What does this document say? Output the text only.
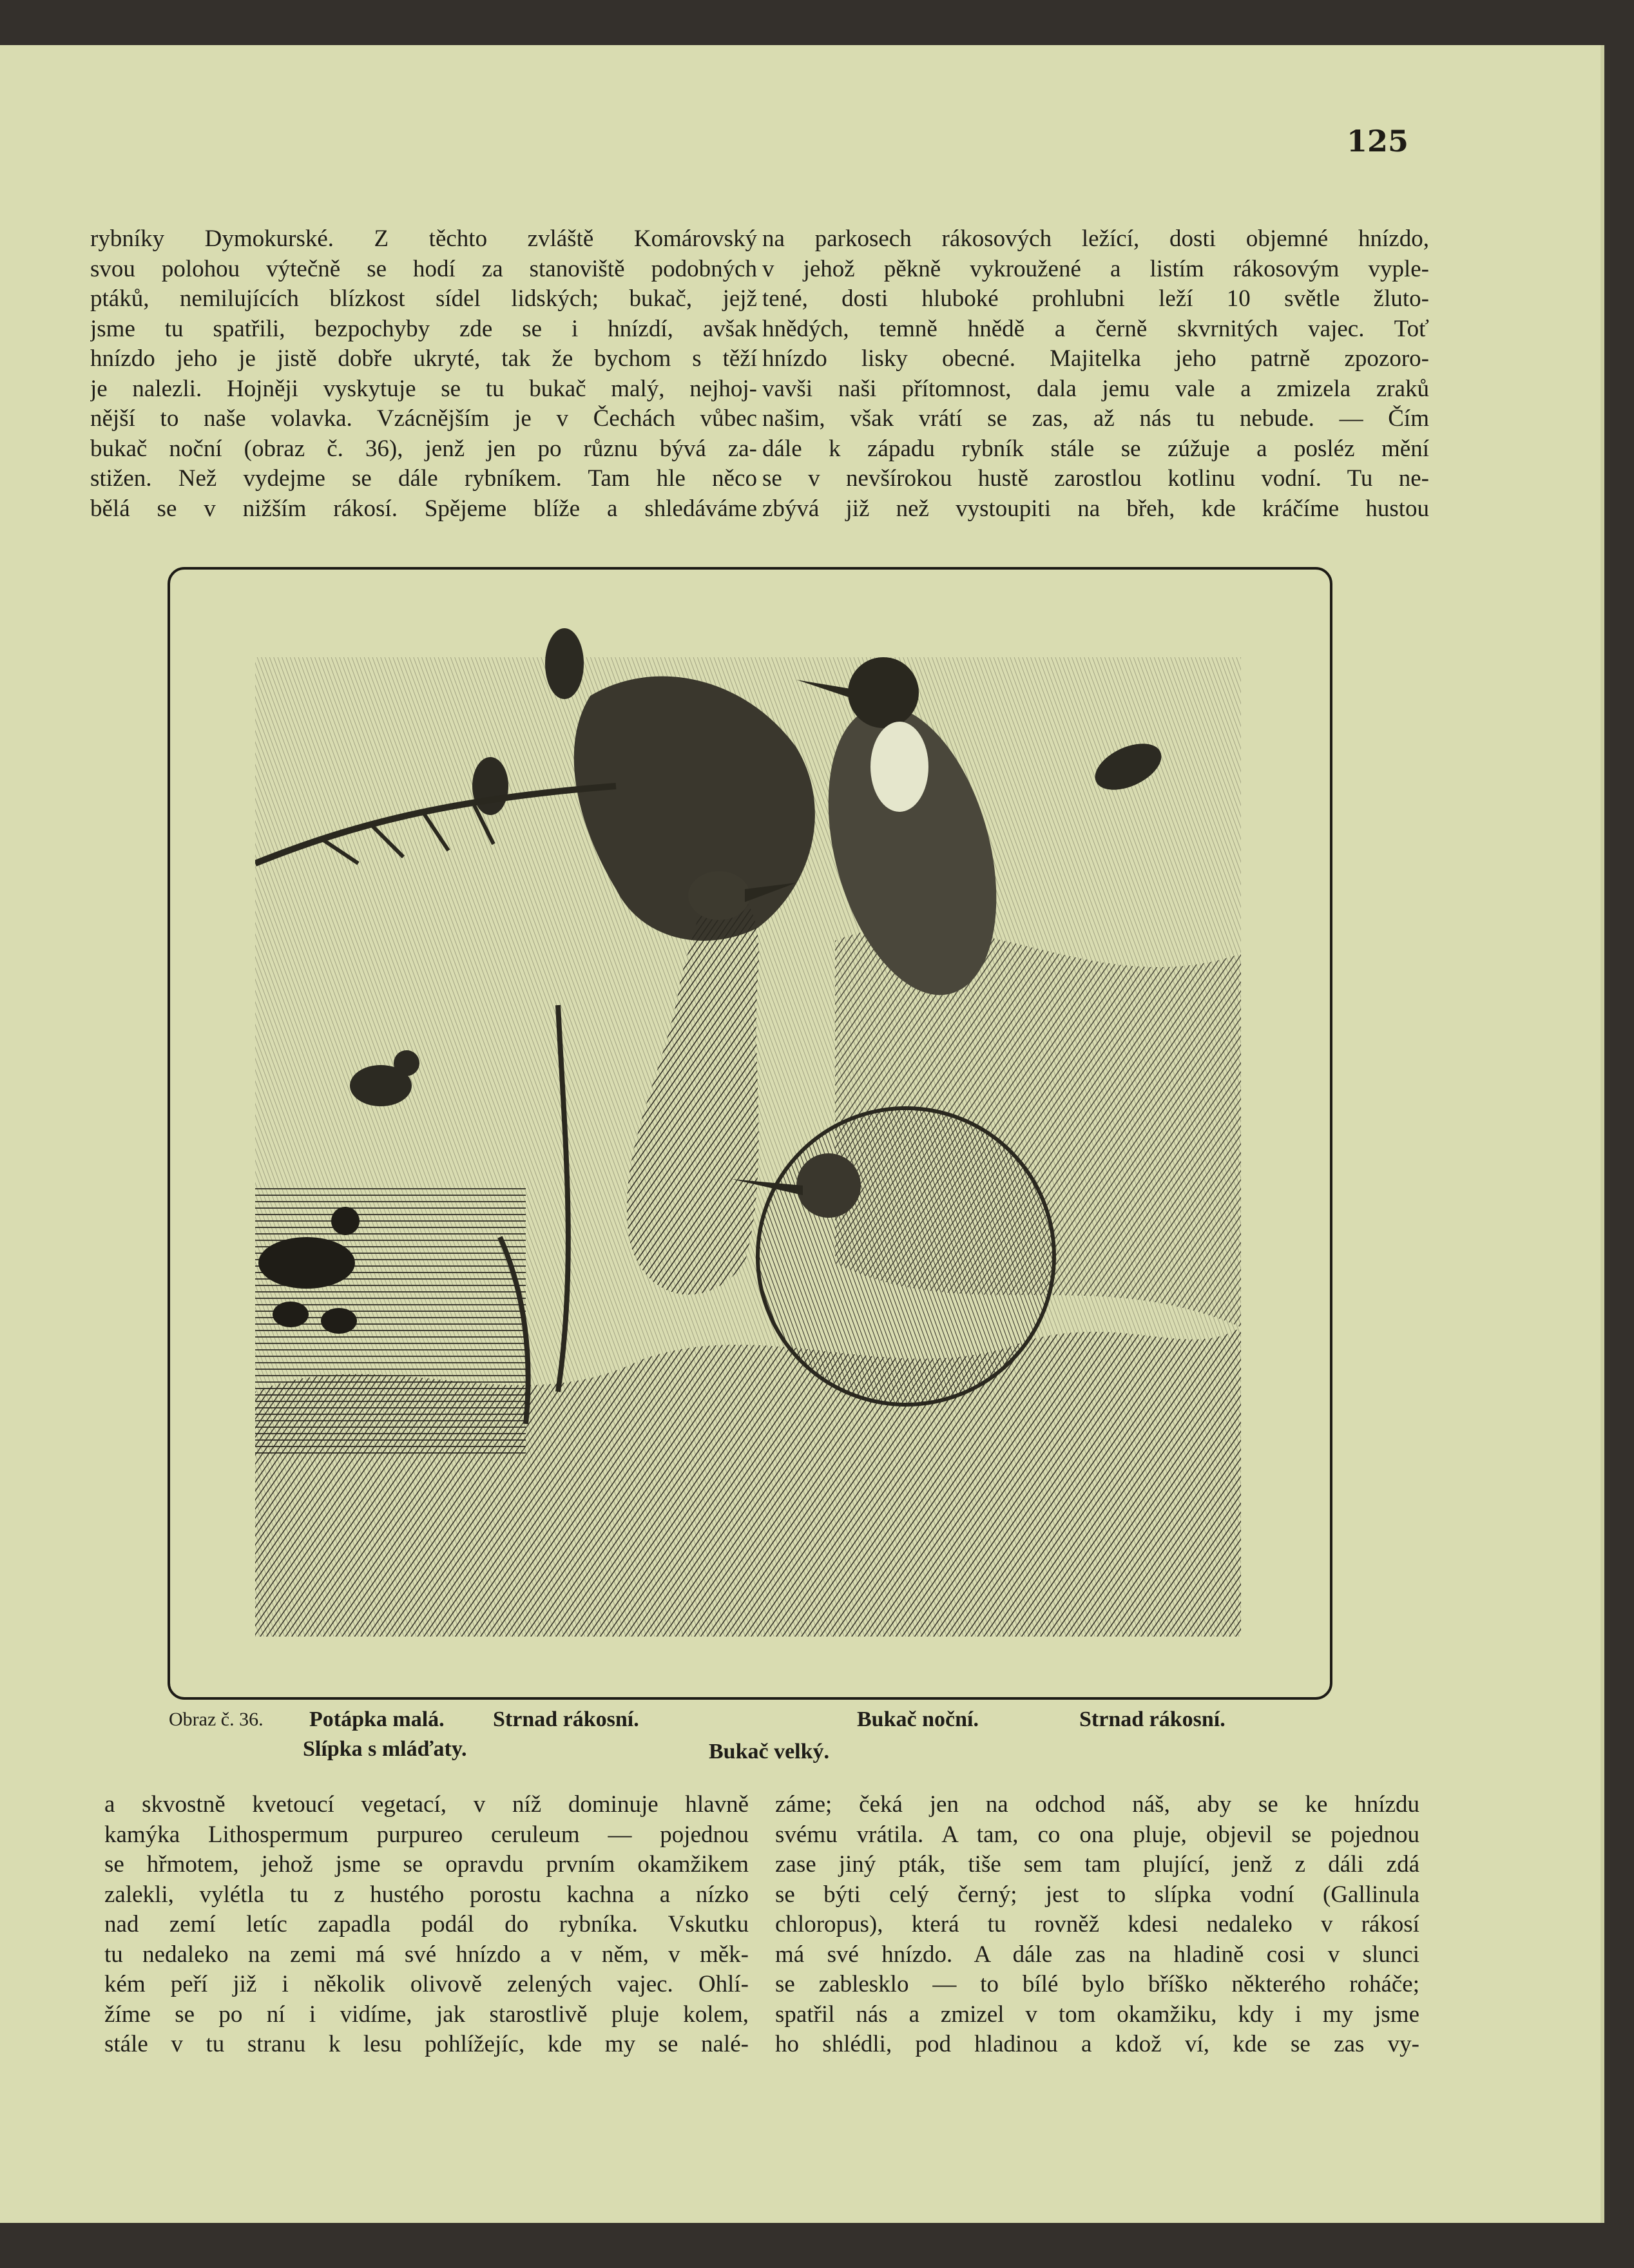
125
rybníky Dymokurské. Z těchto zvláště Komárovský
svou polohou výtečně se hodí za stanoviště podobných
ptáků, nemilujících blízkost sídel lidských; bukač, jejž
jsme tu spatřili, bezpochyby zde se i hnízdí, avšak
hnízdo jeho je jistě dobře ukryté, tak že bychom s těží
je nalezli. Hojněji vyskytuje se tu bukač malý, nejhoj-
nější to naše volavka. Vzácnějším je v Čechách vůbec
bukač noční (obraz č. 36), jenž jen po různu bývá za-
stižen. Než vydejme se dále rybníkem. Tam hle něco
bělá se v nižším rákosí. Spějeme blíže a shledáváme
na parkosech rákosových ležící, dosti objemné hnízdo,
v jehož pěkně vykroužené a listím rákosovým vyple-
tené, dosti hluboké prohlubni leží 10 světle žluto-
hnědých, temně hnědě a černě skvrnitých vajec. Toť
hnízdo lisky obecné. Majitelka jeho patrně zpozoro-
vavši naši přítomnost, dala jemu vale a zmizela zraků
našim, však vrátí se zas, až nás tu nebude. — Čím
dále k západu rybník stále se zúžuje a posléz mění
se v nevšírokou hustě zarostlou kotlinu vodní. Tu ne-
zbývá již než vystoupiti na břeh, kde kráčíme hustou
Obraz č. 36. Potápka malá. Strnad rákosní.	Bukač noční.	Strnad rákosní.
Slípka s mláďaty.	Bukač velký.
a skvostně kvetoucí vegetací, v níž dominuje hlavně
kamýka Lithospermum purpureo ceruleum — pojednou
se hřmotem, jehož jsme se opravdu prvním okamžikem
zalekli, vylétla tu z hustého porostu kachna a nízko
nad zemí letíc zapadla podál do rybníka. Vskutku
tu nedaleko na zemi má své hnízdo a v něm, v měk-
kém peří již i několik olivově zelených vajec. Ohlí-
žíme se po ní i vidíme, jak starostlivě pluje kolem,
stále v tu stranu k lesu pohlížejíc, kde my se nalé-
záme; čeká jen na odchod náš, aby se ke hnízdu
svému vrátila. A tam, co ona pluje, objevil se pojednou
zase jiný pták, tiše sem tam plující, jenž z dáli zdá
se býti celý černý; jest to slípka vodní (Gallinula
chloropus), která tu rovněž kdesi nedaleko v rákosí
má své hnízdo. A dále zas na hladině cosi v slunci
se zablesklo — to bílé bylo bříško některého roháče;
spatřil nás a zmizel v tom okamžiku, kdy i my jsme
ho shlédli, pod hladinou a kdož ví, kde se zas vy-
